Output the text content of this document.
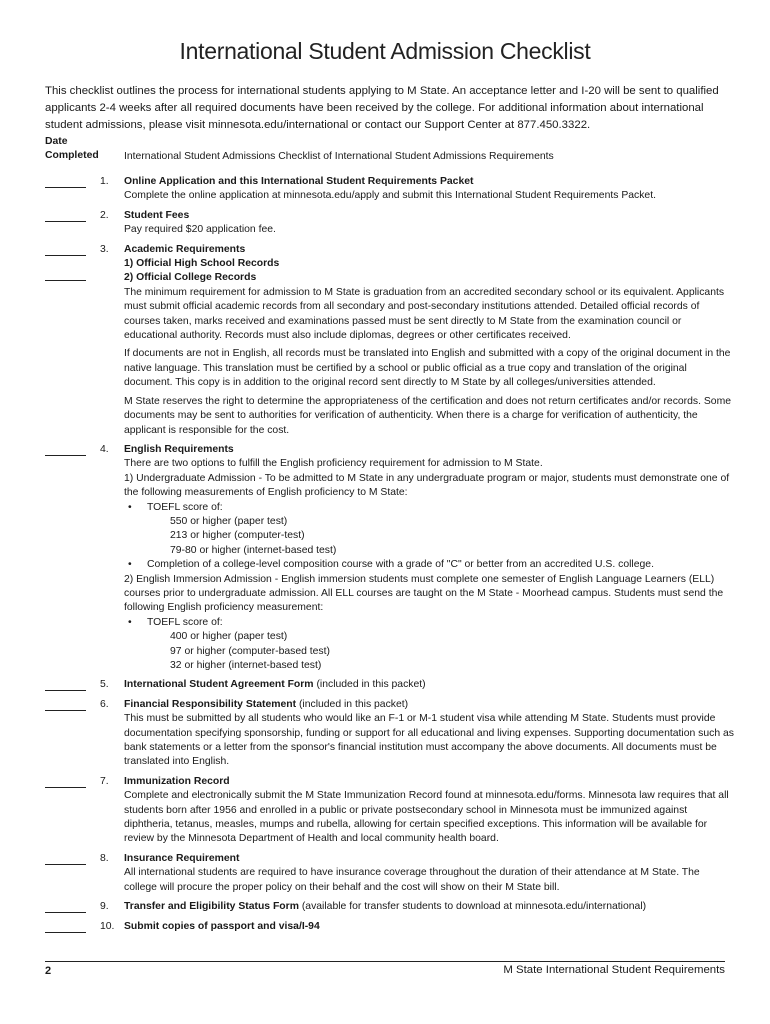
International Student Admission Checklist
This checklist outlines the process for international students applying to M State. An acceptance letter and I-20 will be sent to qualified applicants 2-4 weeks after all required documents have been received by the college. For additional information about international student admissions, please visit minnesota.edu/international or contact our Support Center at 877.450.3322.
Date
Completed International Student Admissions Checklist of International Student Admissions Requirements
1. Online Application and this International Student Requirements Packet
Complete the online application at minnesota.edu/apply and submit this International Student Requirements Packet.
2. Student Fees
Pay required $20 application fee.
3. Academic Requirements
1) Official High School Records
2) Official College Records
The minimum requirement for admission to M State is graduation from an accredited secondary school or its equivalent. Applicants must submit official academic records from all secondary and post-secondary institutions attended. Detailed official records of courses taken, marks received and examinations passed must be sent directly to M State from the examination council or educational authority. Records must also include diplomas, degrees or other certificates received.
If documents are not in English, all records must be translated into English and submitted with a copy of the original document in the native language. This translation must be certified by a school or public official as a true copy and translation of the original document. This copy is in addition to the original record sent directly to M State by all colleges/universities attended.
M State reserves the right to determine the appropriateness of the certification and does not return certificates and/or records. Some documents may be sent to authorities for verification of authenticity. When there is a charge for verification of authenticity, the applicant is responsible for the cost.
4. English Requirements
There are two options to fulfill the English proficiency requirement for admission to M State.
1) Undergraduate Admission - To be admitted to M State in any undergraduate program or major, students must demonstrate one of the following measurements of English proficiency to M State:
• TOEFL score of:
550 or higher (paper test)
213 or higher (computer-test)
79-80 or higher (internet-based test)
• Completion of a college-level composition course with a grade of "C" or better from an accredited U.S. college.
2) English Immersion Admission - English immersion students must complete one semester of English Language Learners (ELL) courses prior to undergraduate admission. All ELL courses are taught on the M State - Moorhead campus. Students must send the following English proficiency measurement:
• TOEFL score of:
400 or higher (paper test)
97 or higher (computer-based test)
32 or higher (internet-based test)
5. International Student Agreement Form (included in this packet)
6. Financial Responsibility Statement (included in this packet)
This must be submitted by all students who would like an F-1 or M-1 student visa while attending M State. Students must provide documentation specifying sponsorship, funding or support for all educational and living expenses. Supporting documentation such as bank statements or a letter from the sponsor's financial institution must accompany the above documents. All documents must be translated into English.
7. Immunization Record
Complete and electronically submit the M State Immunization Record found at minnesota.edu/forms. Minnesota law requires that all students born after 1956 and enrolled in a public or private postsecondary school in Minnesota must be immunized against diphtheria, tetanus, measles, mumps and rubella, allowing for certain specified exceptions. This information will be available for review by the Minnesota Department of Health and local community health board.
8. Insurance Requirement
All international students are required to have insurance coverage throughout the duration of their attendance at M State. The college will procure the proper policy on their behalf and the cost will show on their M State bill.
9. Transfer and Eligibility Status Form (available for transfer students to download at minnesota.edu/international)
10. Submit copies of passport and visa/I-94
2	M State International Student Requirements
